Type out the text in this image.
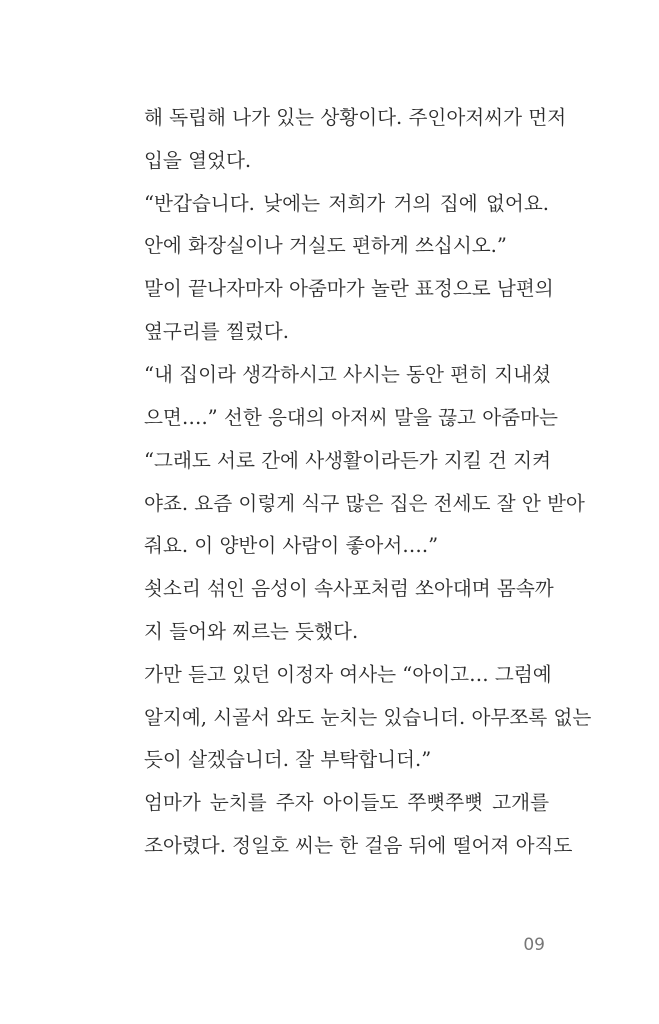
해 독립해 나가 있는 상황이다. 주인아저씨가 먼저
입을 열었다.
“반갑습니다. 낮에는 저희가 거의 집에 없어요.
안에 화장실이나 거실도 편하게 쓰십시오.”
말이 끝나자마자 아줌마가 놀란 표정으로 남편의
옆구리를 찔렀다.
“내 집이라 생각하시고 사시는 동안 편히 지내셨
으면….” 선한 응대의 아저씨 말을 끊고 아줌마는
“그래도 서로 간에 사생활이라든가 지킬 건 지켜
야죠. 요즘 이렇게 식구 많은 집은 전세도 잘 안 받아
줘요. 이 양반이 사람이 좋아서….”
쇳소리 섞인 음성이 속사포처럼 쏘아대며 몸속까
지 들어와 찌르는 듯했다.
가만 듣고 있던 이정자 여사는 “아이고… 그럼예
알지예, 시골서 와도 눈치는 있습니더. 아무쪼록 없는
듯이 살겠습니더. 잘 부탁합니더.”
엄마가 눈치를 주자 아이들도 쭈뼛쭈뼛 고개를
조아렸다. 정일호 씨는 한 걸음 뒤에 떨어져 아직도
09
